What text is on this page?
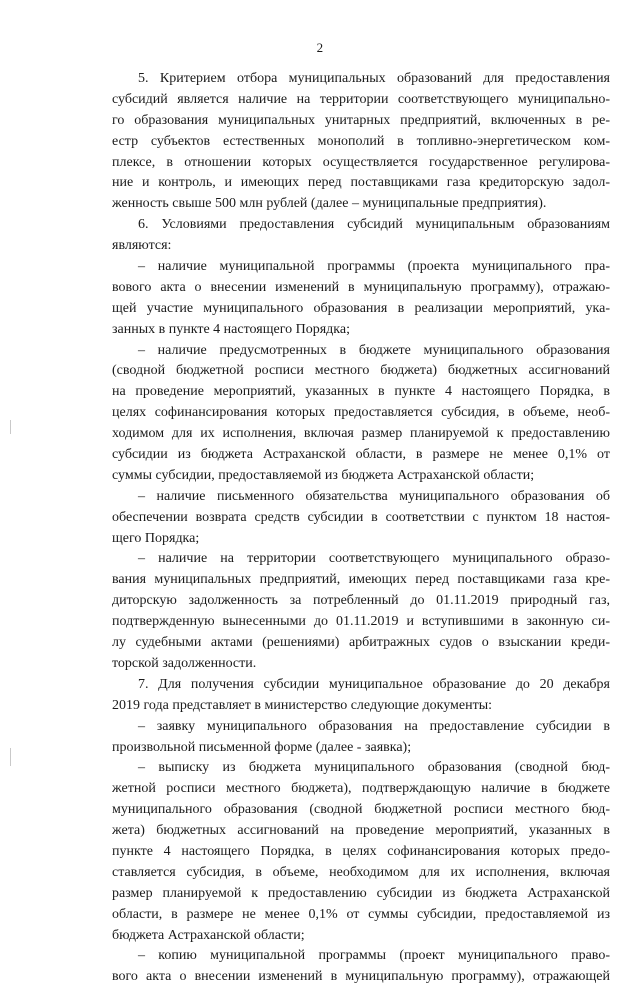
2
5. Критерием отбора муниципальных образований для предоставления
субсидий является наличие на территории соответствующего муниципально-
го образования муниципальных унитарных предприятий, включенных в ре-
естр субъектов естественных монополий в топливно-энергетическом ком-
плексе, в отношении которых осуществляется государственное регулирова-
ние и контроль, и имеющих перед поставщиками газа кредиторскую задол-
женность свыше 500 млн рублей (далее – муниципальные предприятия).
6. Условиями предоставления субсидий муниципальным образованиям
являются:
– наличие муниципальной программы (проекта муниципального пра-
вового акта о внесении изменений в муниципальную программу), отражаю-
щей участие муниципального образования в реализации мероприятий, ука-
занных в пункте 4 настоящего Порядка;
– наличие предусмотренных в бюджете муниципального образования
(сводной бюджетной росписи местного бюджета) бюджетных ассигнований
на проведение мероприятий, указанных в пункте 4 настоящего Порядка, в
целях софинансирования которых предоставляется субсидия, в объеме, необ-
ходимом для их исполнения, включая размер планируемой к предоставлению
субсидии из бюджета Астраханской области, в размере не менее 0,1% от
суммы субсидии, предоставляемой из бюджета Астраханской области;
– наличие письменного обязательства муниципального образования об
обеспечении возврата средств субсидии в соответствии с пунктом 18 настоя-
щего Порядка;
– наличие на территории соответствующего муниципального образо-
вания муниципальных предприятий, имеющих перед поставщиками газа кре-
диторскую задолженность за потребленный до 01.11.2019 природный газ,
подтвержденную вынесенными до 01.11.2019 и вступившими в законную си-
лу судебными актами (решениями) арбитражных судов о взыскании креди-
торской задолженности.
7. Для получения субсидии муниципальное образование до 20 декабря
2019 года представляет в министерство следующие документы:
– заявку муниципального образования на предоставление субсидии в
произвольной письменной форме (далее - заявка);
– выписку из бюджета муниципального образования (сводной бюд-
жетной росписи местного бюджета), подтверждающую наличие в бюджете
муниципального образования (сводной бюджетной росписи местного бюд-
жета) бюджетных ассигнований на проведение мероприятий, указанных в
пункте 4 настоящего Порядка, в целях софинансирования которых предо-
ставляется субсидия, в объеме, необходимом для их исполнения, включая
размер планируемой к предоставлению субсидии из бюджета Астраханской
области, в размере не менее 0,1% от суммы субсидии, предоставляемой из
бюджета Астраханской области;
– копию муниципальной программы (проект муниципального право-
вого акта о внесении изменений в муниципальную программу), отражающей
